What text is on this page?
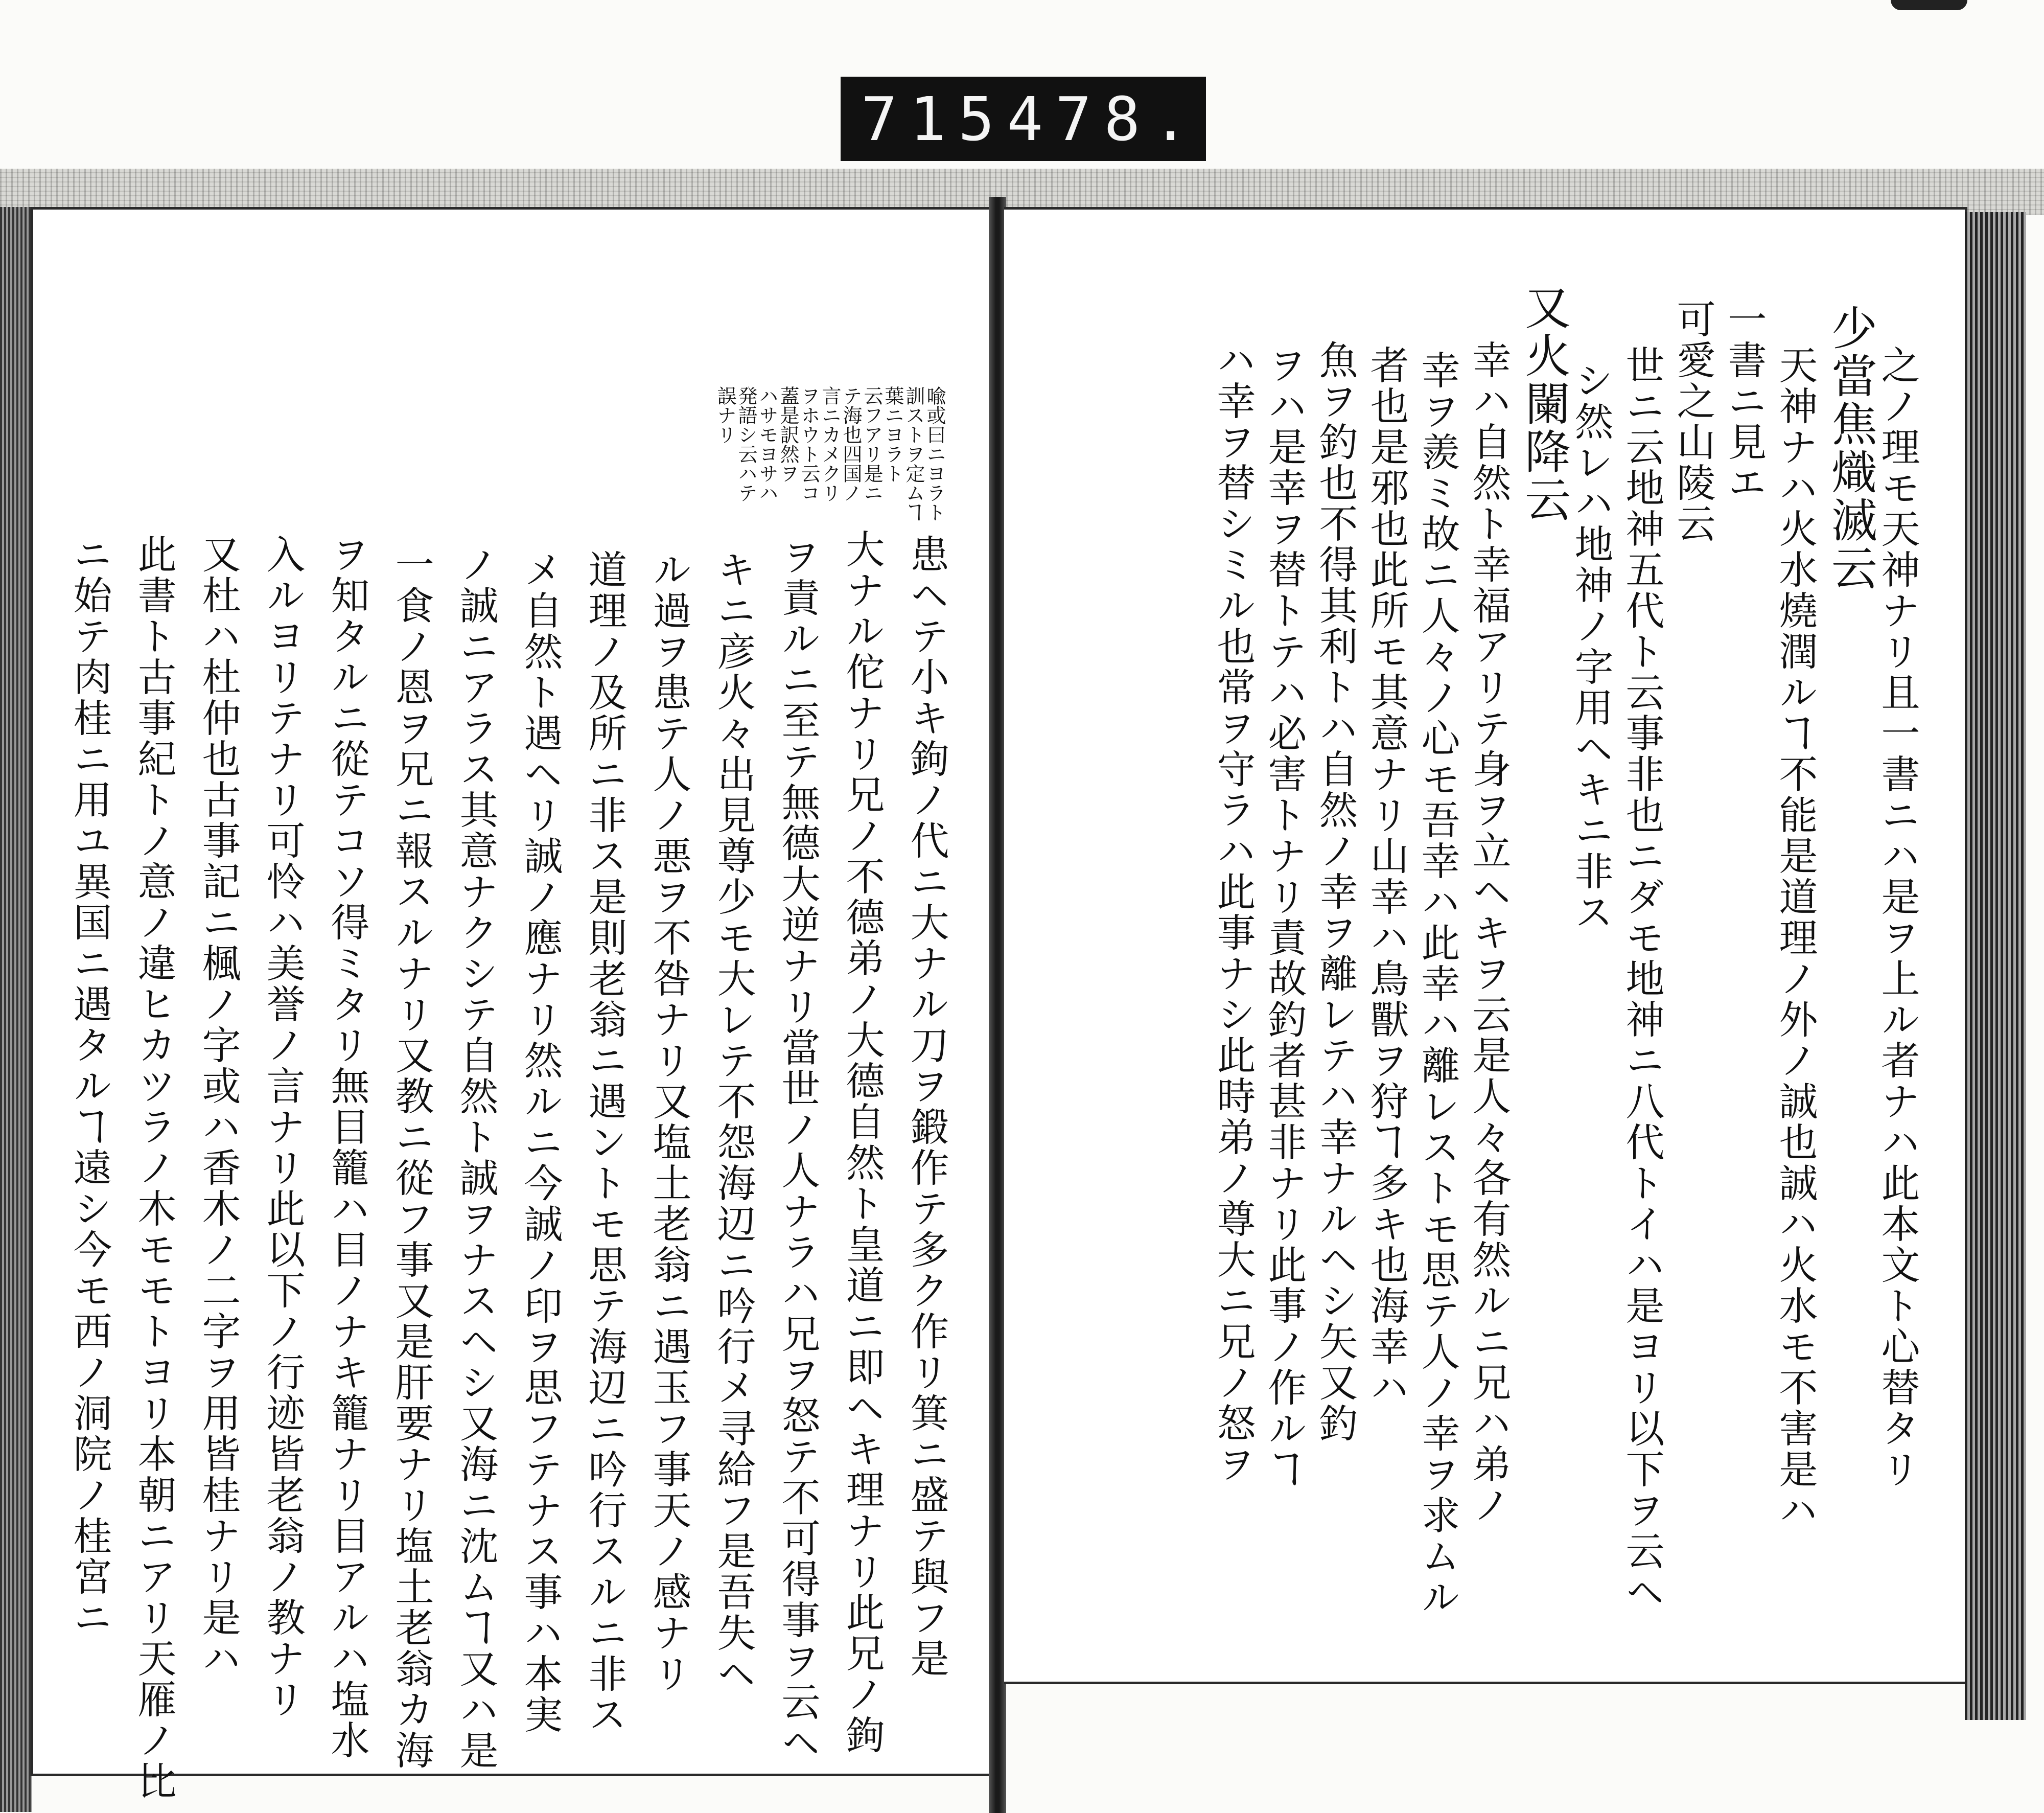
715 478.
喩或曰ニヨラト
訓ストヲ定ムヿ
葉ニヨラト
云フアリ是ニ
テ海也四国ノ
言ニカメクリ
ヲホウト云コ
蓋是訳然ヲ
ハサモヨサハ
発語シ云ハテ
誤ナリ
患ヘテ小キ鉤ノ代ニ大ナル刀ヲ鍛作テ多ク作リ箕ニ盛テ與フ是
大ナル佗ナリ兄ノ不德弟ノ大德自然ト皇道ニ即ヘキ理ナリ此兄ノ鉤
ヲ責ルニ至テ無德大逆ナリ當世ノ人ナラハ兄ヲ怒テ不可得事ヲ云ヘ
キニ彦火々出見尊少モ大レテ不怨海辺ニ吟行メ寻給フ是吾失ヘ
ル過ヲ患テ人ノ悪ヲ不咎ナリ又塩土老翁ニ遇玉フ事天ノ感ナリ
道理ノ及所ニ非ス是則老翁ニ遇ントモ思テ海辺ニ吟行スルニ非ス
メ自然ト遇ヘリ誠ノ應ナリ然ルニ今誠ノ印ヲ思フテナス事ハ本実
ノ誠ニアラス其意ナクシテ自然ト誠ヲナスヘシ又海ニ沈ムヿ又ハ是
一食ノ恩ヲ兄ニ報スルナリ又教ニ從フ事又是肝要ナリ塩土老翁カ海
ヲ知タルニ從テコソ得ミタリ無目籠ハ目ノナキ籠ナリ目アルハ塩水
入ルヨリテナリ可怜ハ美誉ノ言ナリ此以下ノ行迹皆老翁ノ教ナリ
又杜ハ杜仲也古事記ニ楓ノ字或ハ香木ノ二字ヲ用皆桂ナリ是ハ
此書ト古事紀トノ意ノ違ヒカツラノ木モモトヨリ本朝ニアリ天雁ノ比
ニ始テ肉桂ニ用ユ異国ニ遇タルヿ遠シ今モ西ノ洞院ノ桂宮ニ	之ノ理モ天神ナリ且一書ニハ是ヲ上ル者ナハ此本文ト心替タリ
少當焦熾滅云
天神ナハ火水燒潤ルヿ不能是道理ノ外ノ誠也誠ハ火水モ不害是ハ
一書ニ見エ
可愛之山陵云
世ニ云地神五代ト云事非也ニダモ地神ニ八代トイハ是ヨリ以下ヲ云ヘ
シ然レハ地神ノ字用ヘキニ非ス
又火闌降云
幸ハ自然ト幸福アリテ身ヲ立ヘキヲ云是人々各有然ルニ兄ハ弟ノ
幸ヲ羨ミ故ニ人々ノ心モ吾幸ハ此幸ハ離レストモ思テ人ノ幸ヲ求ムル
者也是邪也此所モ其意ナリ山幸ハ鳥獸ヲ狩ヿ多キ也海幸ハ
魚ヲ釣也不得其利トハ自然ノ幸ヲ離レテハ幸ナルヘシ矢又釣
ヲハ是幸ヲ替トテハ必害トナリ責故釣者甚非ナリ此事ノ作ルヿ
ハ幸ヲ替シミル也常ヲ守ラハ此事ナシ此時弟ノ尊大ニ兄ノ怒ヲ
